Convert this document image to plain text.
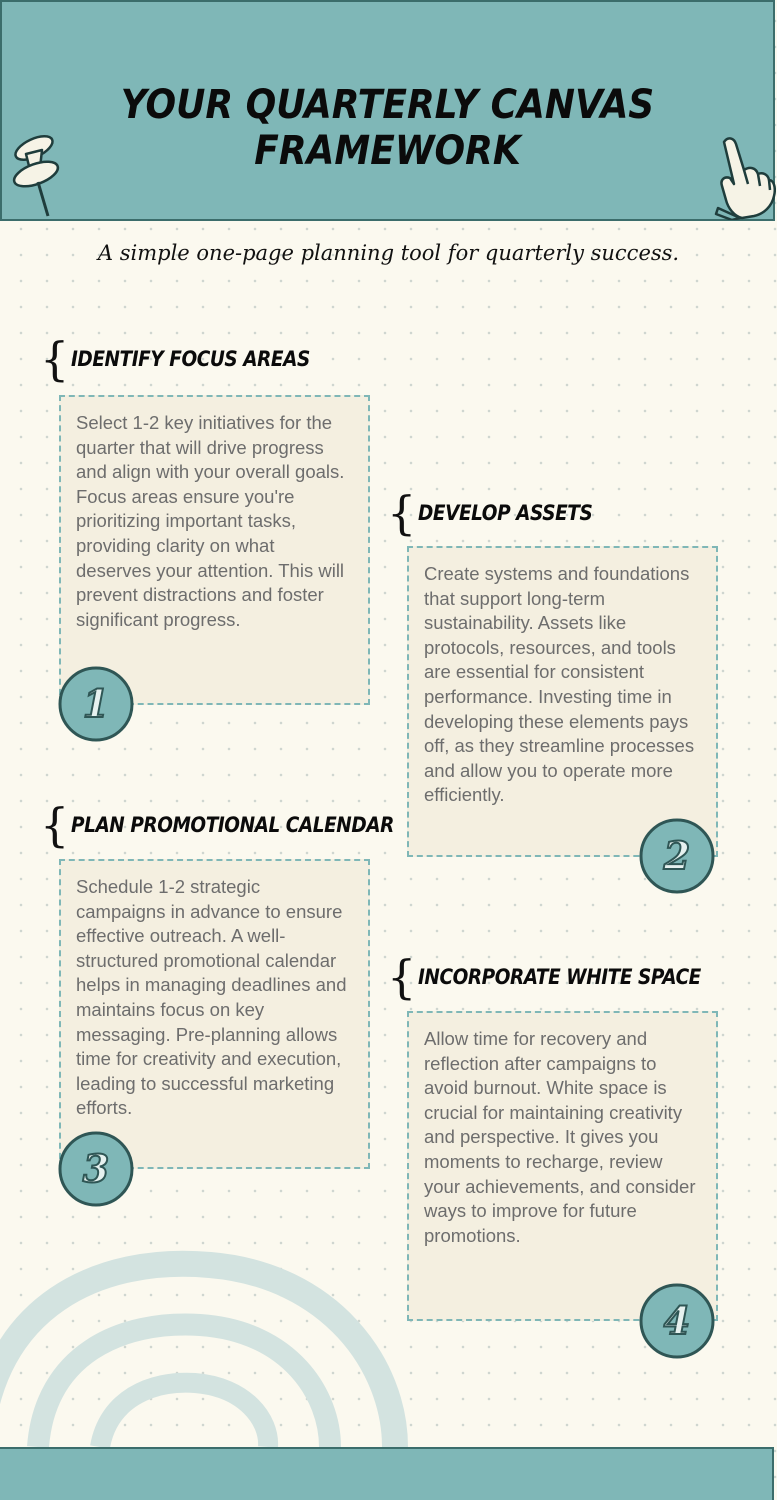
YOUR QUARTERLY CANVAS FRAMEWORK
A simple one-page planning tool for quarterly success.
{ IDENTIFY FOCUS AREAS
Select 1-2 key initiatives for the quarter that will drive progress and align with your overall goals. Focus areas ensure you're prioritizing important tasks, providing clarity on what deserves your attention. This will prevent distractions and foster significant progress.
1
{ DEVELOP ASSETS
Create systems and foundations that support long-term sustainability. Assets like protocols, resources, and tools are essential for consistent performance. Investing time in developing these elements pays off, as they streamline processes and allow you to operate more efficiently.
2
{ PLAN PROMOTIONAL CALENDAR
Schedule 1-2 strategic campaigns in advance to ensure effective outreach. A well-structured promotional calendar helps in managing deadlines and maintains focus on key messaging. Pre-planning allows time for creativity and execution, leading to successful marketing efforts.
3
{ INCORPORATE WHITE SPACE
Allow time for recovery and reflection after campaigns to avoid burnout. White space is crucial for maintaining creativity and perspective. It gives you moments to recharge, review your achievements, and consider ways to improve for future promotions.
4
